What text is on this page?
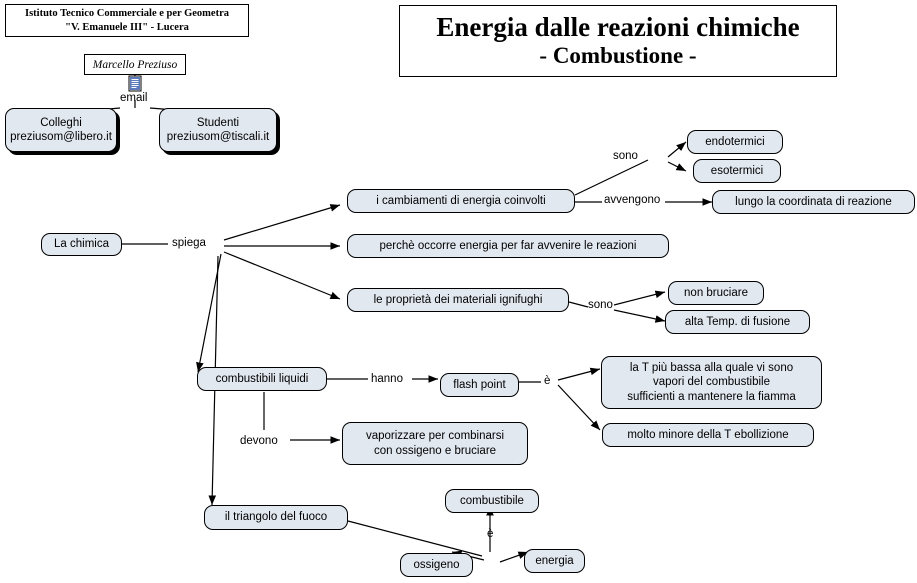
Istituto Tecnico Commerciale e per Geometra
"V. Emanuele III" - Lucera	Energia dalle reazioni chimiche
- Combustione -
Marcello Preziuso
email
Colleghi
preziusom@libero.it
Studenti
preziusom@tiscali.it
La chimica
i cambiamenti di energia coinvolti
endotermici
esotermici
lungo la coordinata di reazione
perchè occorre energia per far avvenire le reazioni
le proprietà dei materiali ignifughi
non bruciare
alta Temp. di fusione
combustibili liquidi	flash point
la T più bassa alla quale vi sono
vapori del combustibile
sufficienti a mantenere la fiamma
molto minore della T ebollizione
vaporizzare per combinarsi
con ossigeno e bruciare
il triangolo del fuoco
combustibile
ossigeno	energia
spiega
sono
avvengono
sono
hanno	è
devono
è
